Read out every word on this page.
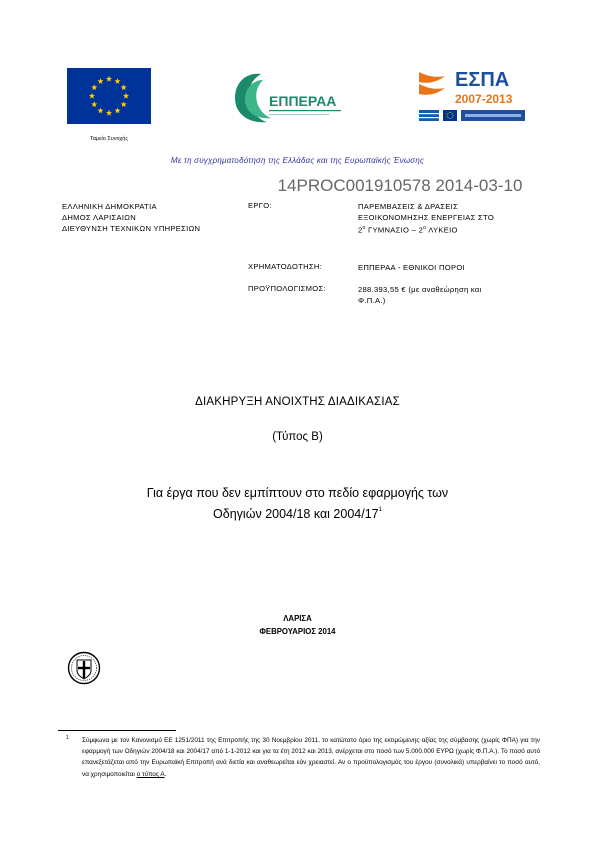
Ταμείο Συνοχής
ΕΠΠΕΡΑΑ
ΕΣΠΑ
2007-2013
Με τη συγχρηματοδότηση της Ελλάδας και της Ευρωπαϊκής Ένωσης
14PROC001910578 2014-03-10
ΕΛΛΗΝΙΚΗ ΔΗΜΟΚΡΑΤΙΑ
ΔΗΜΟΣ ΛΑΡΙΣΑΙΩΝ
ΔΙΕΥΘΥΝΣΗ ΤΕΧΝΙΚΩΝ ΥΠΗΡΕΣΙΩΝ
ΕΡΓΟ:	ΠΑΡΕΜΒΑΣΕΙΣ & ΔΡΑΣΕΙΣ
ΕΞΟΙΚΟΝΟΜΗΣΗΣ ΕΝΕΡΓΕΙΑΣ ΣΤΟ
$2^o$ ΓΥΜΝΑΣΙΟ – $2^o$ ΛΥΚΕΙΟ
ΧΡΗΜΑΤΟΔΟΤΗΣΗ:	ΕΠΠΕΡΑΑ - ΕΘΝΙΚΟΙ ΠΟΡΟΙ
ΠΡΟΫΠΟΛΟΓΙΣΜΟΣ:	288.393,55 € (με αναθεώρηση και
Φ.Π.Α.)
ΔΙΑΚΗΡΥΞΗ ΑΝΟΙΧΤΗΣ ΔΙΑΔΙΚΑΣΙΑΣ
(Τύπος Β)
Για έργα που δεν εμπίπτουν στο πεδίο εφαρμογής των
Οδηγιών 2004/18 και $2004/17^1$
ΛΑΡΙΣΑ
ΦΕΒΡΟΥΑΡΙΟΣ 2014
1 Σύμφωνα με τον Κανονισμό ΕΕ 1251/2011 της Επιτροπής της 30 Νοεμβρίου 2011, το κατώτατο όριο της εκτιμώμενης αξίας της σύμβασης (χωρίς ΦΠΑ) για την εφαρμογή των Οδηγιών 2004/18 και 2004/17 από 1-1-2012 και για τα έτη 2012 και 2013, ανέρχεται στο ποσό των 5.000.000 ΕΥΡΩ (χωρίς Φ.Π.Α.). Το ποσό αυτό επανεξετάζεται από την Ευρωπαϊκή Επιτροπή ανά διετία και αναθεωρείται εάν χρειαστεί. Αν ο προϋπολογισμός του έργου (συνολικά) υπερβαίνει το ποσό αυτό, να χρησιμοποιείται ο τύπος Α.
